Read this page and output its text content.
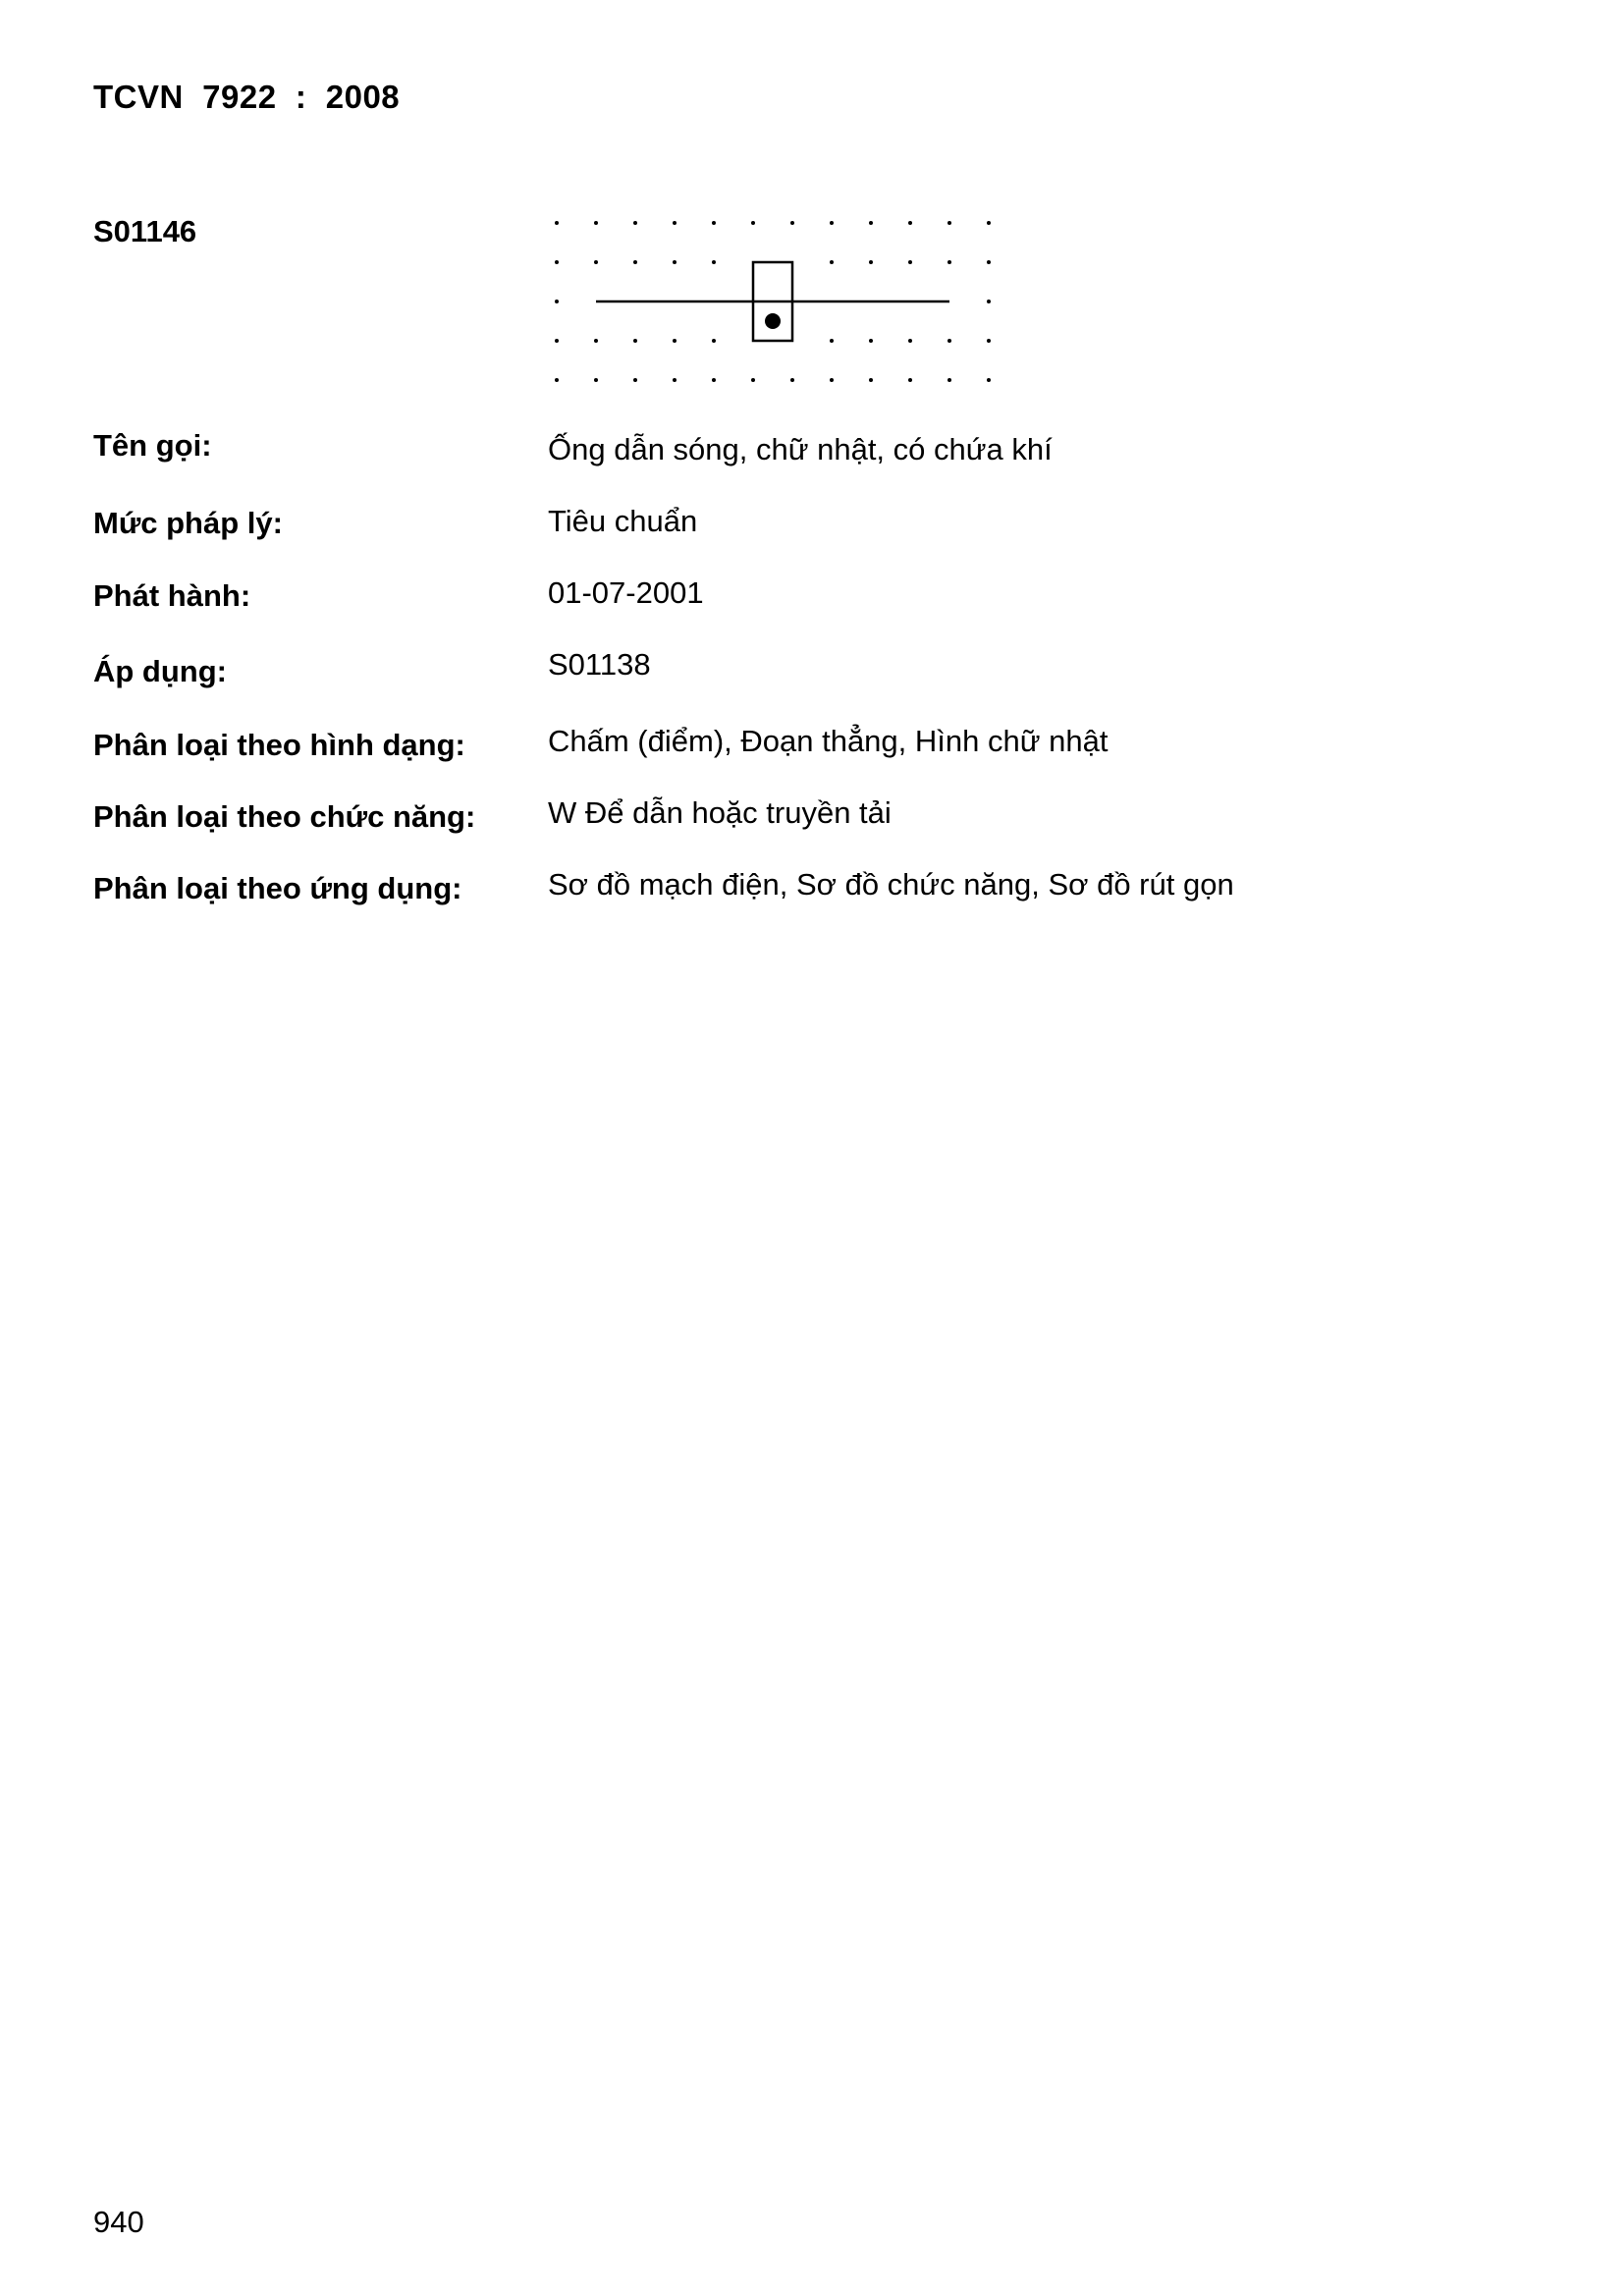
TCVN  7922  :  2008
S01146
Tên gọi:	Ống dẫn sóng, chữ nhật, có chứa khí
Mức pháp lý:	Tiêu chuẩn
Phát hành:	01-07-2001
Áp dụng:	S01138
Phân loại theo hình dạng:	Chấm (điểm), Đoạn thẳng, Hình chữ nhật
Phân loại theo chức năng: W Để dẫn hoặc truyền tải
Phân loại theo ứng dụng:	Sơ đồ mạch điện, Sơ đồ chức năng, Sơ đồ rút gọn
940
